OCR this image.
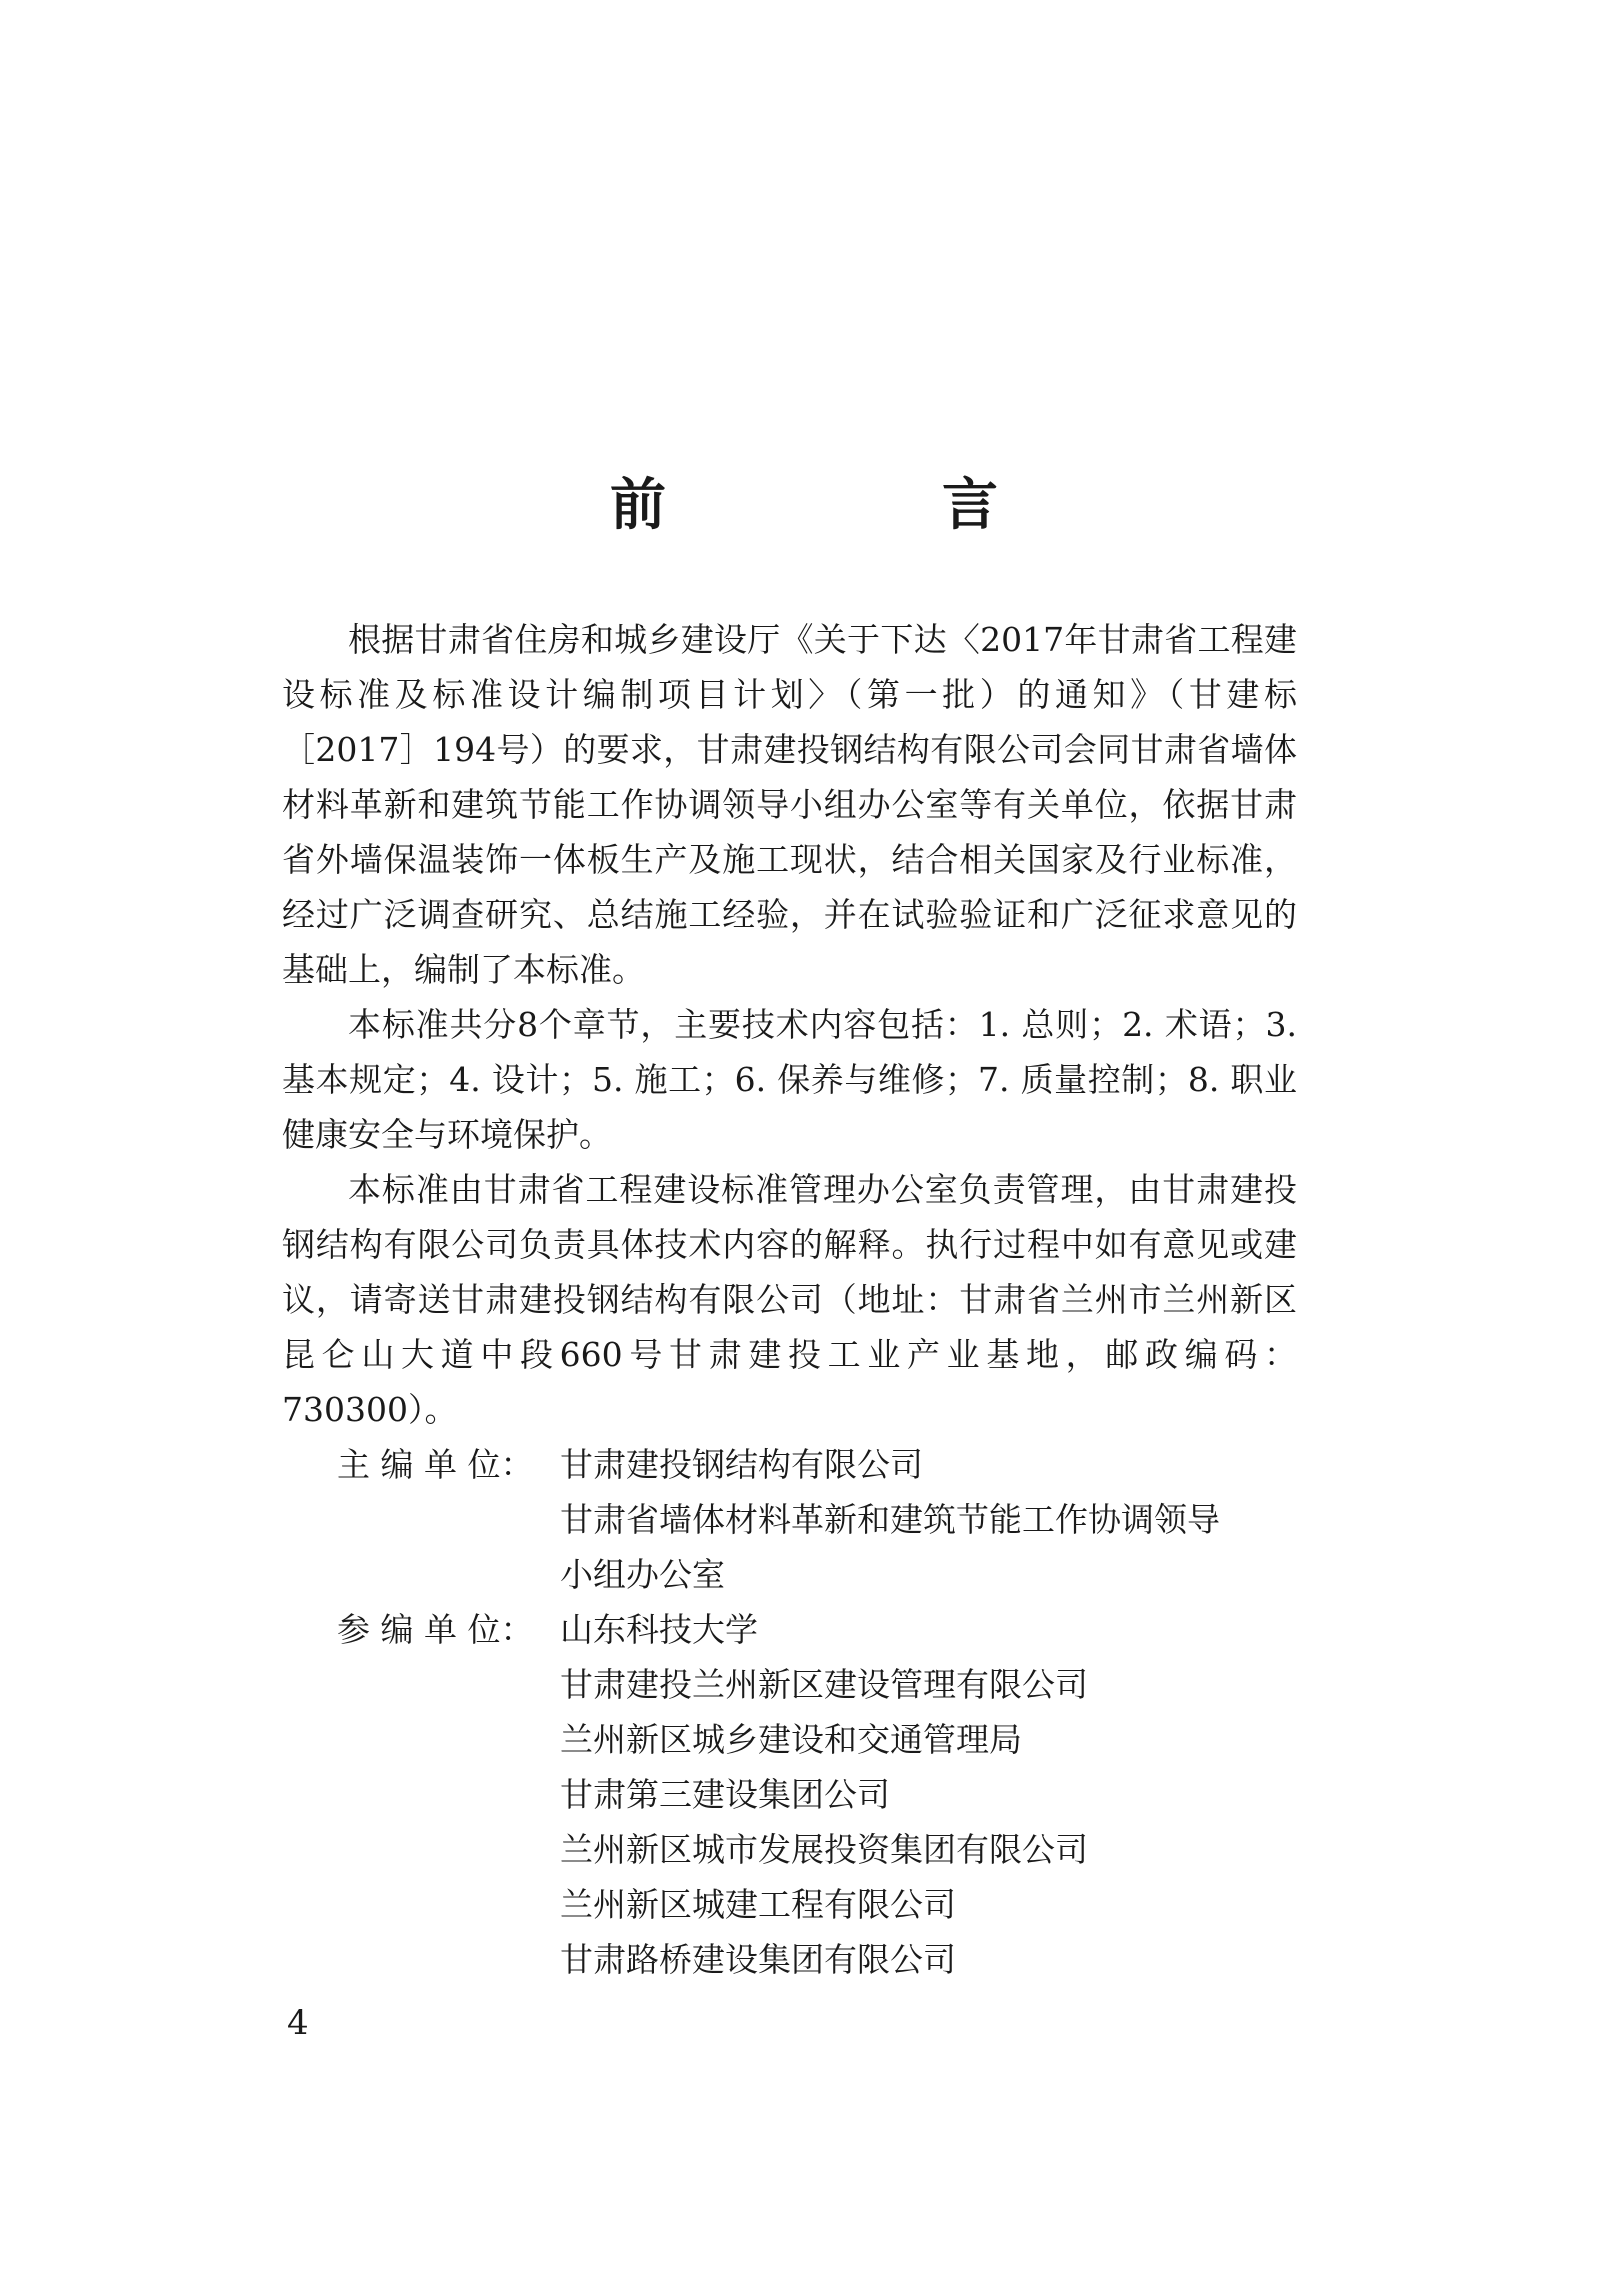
前　言

根据甘肃省住房和城乡建设厅《关于下达〈2017年甘肃省工程建设标准及标准设计编制项目计划〉（第一批）的通知》（甘建标［2017］194号）的要求，甘肃建投钢结构有限公司会同甘肃省墙体材料革新和建筑节能工作协调领导小组办公室等有关单位，依据甘肃省外墙保温装饰一体板生产及施工现状，结合相关国家及行业标准，经过广泛调查研究、总结施工经验，并在试验验证和广泛征求意见的基础上，编制了本标准。

本标准共分8个章节，主要技术内容包括：1. 总则；2. 术语；3. 基本规定；4. 设计；5. 施工；6. 保养与维修；7. 质量控制；8. 职业健康安全与环境保护。

本标准由甘肃省工程建设标准管理办公室负责管理，由甘肃建投钢结构有限公司负责具体技术内容的解释。执行过程中如有意见或建议，请寄送甘肃建投钢结构有限公司（地址：甘肃省兰州市兰州新区昆仑山大道中段660号甘肃建投工业产业基地，邮政编码：730300）。

主 编 单 位： 甘肃建投钢结构有限公司
甘肃省墙体材料革新和建筑节能工作协调领导
小组办公室
参 编 单 位： 山东科技大学
甘肃建投兰州新区建设管理有限公司
兰州新区城乡建设和交通管理局
甘肃第三建设集团公司
兰州新区城市发展投资集团有限公司
兰州新区城建工程有限公司
甘肃路桥建设集团有限公司
4
